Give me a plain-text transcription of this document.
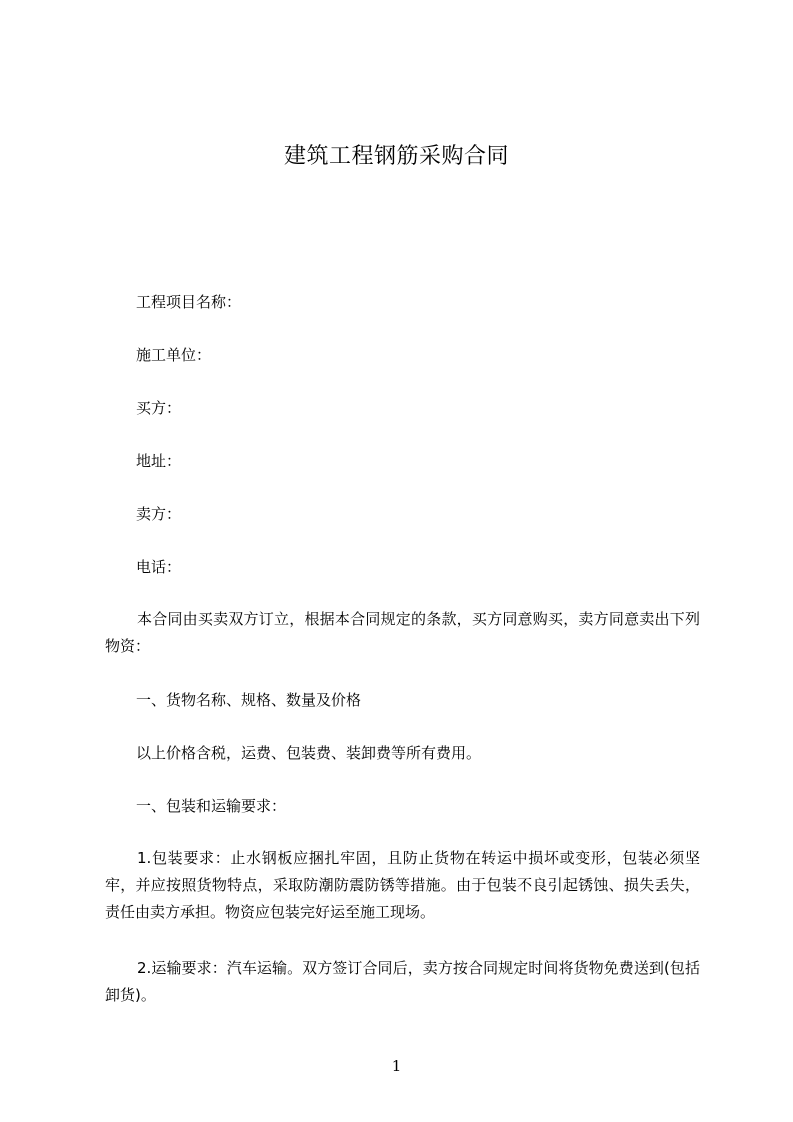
建筑工程钢筋采购合同
工程项目名称：
施工单位：
买方：
地址：
卖方：
电话：
本合同由买卖双方订立，根据本合同规定的条款，买方同意购买，卖方同意卖出下列物资：
一、货物名称、规格、数量及价格
以上价格含税，运费、包装费、装卸费等所有费用。
一、包装和运输要求：
1.包装要求：止水钢板应捆扎牢固，且防止货物在转运中损坏或变形，包装必须坚牢，并应按照货物特点，采取防潮防震防锈等措施。由于包装不良引起锈蚀、损失丢失，责任由卖方承担。物资应包装完好运至施工现场。
2.运输要求：汽车运输。双方签订合同后，卖方按合同规定时间将货物免费送到(包括卸货)。
1
